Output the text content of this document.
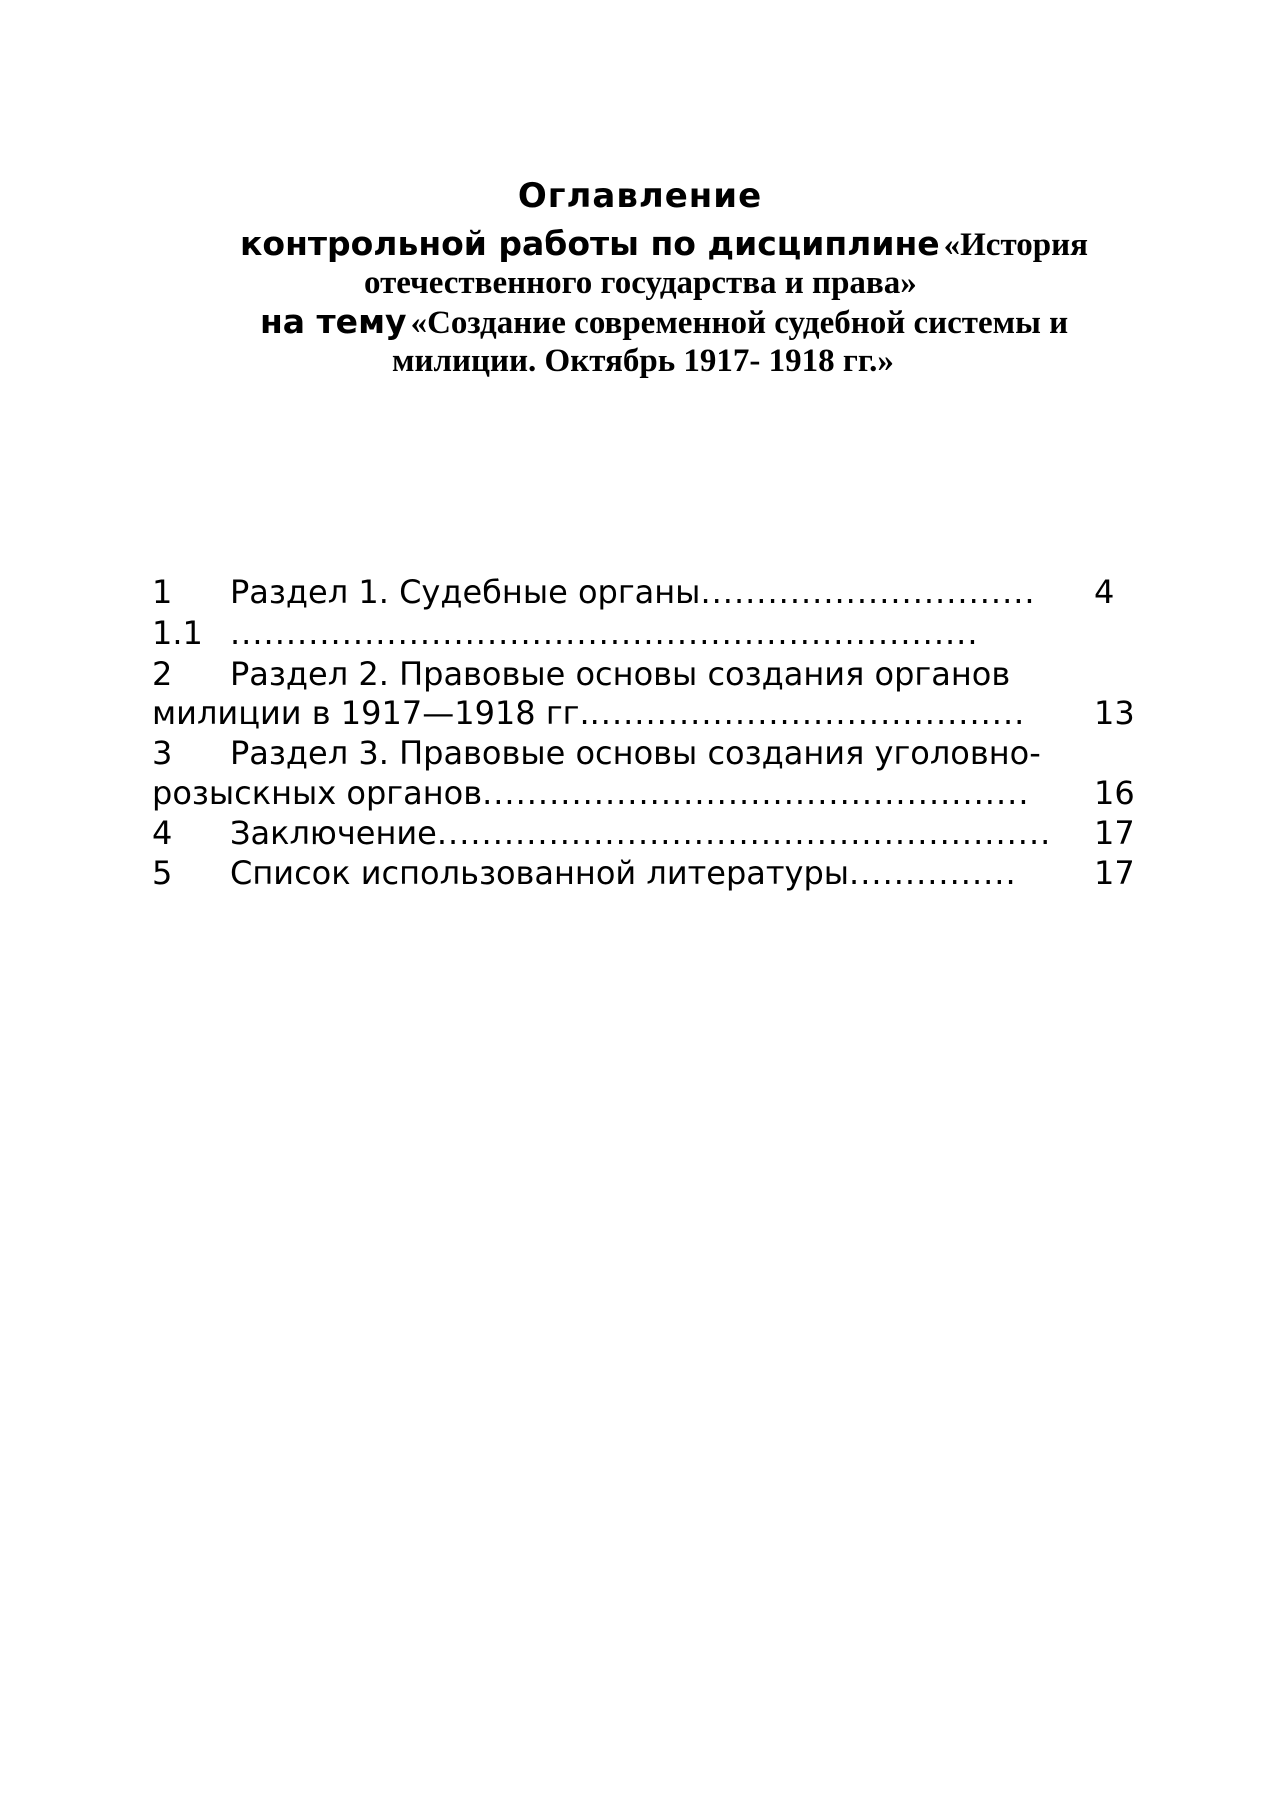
Оглавление
контрольной работы по дисциплине «История
отечественного государства и права»
на тему «Создание современной судебной системы и
милиции. Октябрь 1917- 1918 гг.»
1 Раздел 1. Судебные органы.............................. 4
1.1 ...................................................................
2 Раздел 2. Правовые основы создания органов
милиции в 1917—1918 гг........................................ 13
3 Раздел 3. Правовые основы создания уголовно-
розыскных органов................................................. 16
4 Заключение....................................................... 17
5 Список использованной литературы............... 17
